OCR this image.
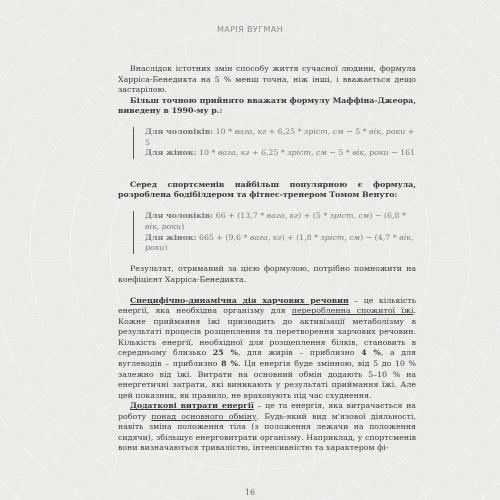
МАРІЯ ВУГМАН

Внаслідок істотних змін способу життя сучасної людини, формула Харріса-Бенедикта на 5 % менш точна, ніж інші, і вважається дещо застарілою.

Більш точною прийнято вважати формулу Маффіна-Джеора, виведену в 1990-му р.:

Для чоловіків: 10 * вага, кг + 6,25 * зріст, см − 5 * вік, роки + 5

Для жінок: 10 * вага, кг + 6,25 * зріст, см − 5 * вік, роки − 161

Серед спортсменів найбільш популярною є формула, розроблена бодібілдером та фітнес-тренером Томом Венуто:

Для чоловіків: 66 + (13,7 * вага, кг) + (5 * зріст, см) − (6,8 * вік, роки)

Для жінок: 665 + (9,6 * вага, кг) + (1,8 * зріст, см) − (4,7 * вік, роки)

Результат, отриманий за цією формулою, потрібно помножити на коефіцієнт Харріса-Бенедикта.

Специфічно-динамічна дія харчових речовин – це кількість енергії, яка необхідна організму для переробленна спожитої їжі. Кожне приймання їжі призводить до активізації метаболізму в результаті процесів розщеплення та перетворення харчових речовин. Кількість енергії, необхідної для розщеплення білків, становить в середньому близько 25 %, для жирів – приблизно 4 %, а для вуглеводів – приблизно 8 %. Ця енергія буде змінною, від 5 до 10 % залежно від їжі. Витрати на основний обмін додають 5–10 % на енергетичні затрати, які виникають у результаті приймання їжі. Але цей показник, як правило, не враховують під час схуднення.

Додаткові витрати енергії – це та енергія, яка витрачається на роботу понад основного обміну. Будь-який вид м'язової діяльності, навіть зміна положення тіла (з положення лежачи на положення сидячи), збільшує енерговитрати організму. Наприклад, у спортсменів вони визначаються тривалістю, інтенсивністю та характером фі-

16
